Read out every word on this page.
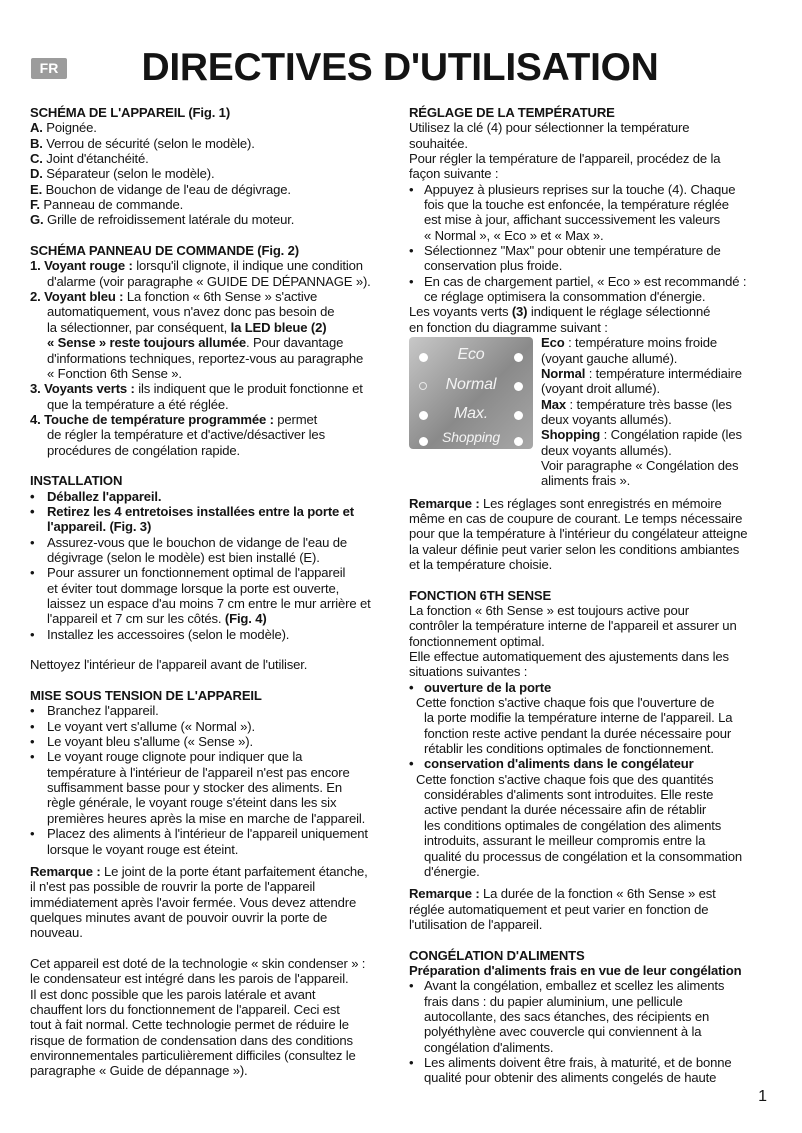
FR	DIRECTIVES D'UTILISATION

SCHÉMA DE L'APPAREIL (Fig. 1)

A. Poignée.

B. Verrou de sécurité (selon le modèle).

C. Joint d'étanchéité.

D. Séparateur (selon le modèle).

E. Bouchon de vidange de l'eau de dégivrage.

F. Panneau de commande.

G. Grille de refroidissement latérale du moteur.

SCHÉMA PANNEAU DE COMMANDE (Fig. 2)

1. Voyant rouge : lorsqu'il clignote, il indique une condition

d'alarme (voir paragraphe « GUIDE DE DÉPANNAGE »).

2. Voyant bleu : La fonction « 6th Sense » s'active

automatiquement, vous n'avez donc pas besoin de

la sélectionner, par conséquent, la LED bleue (2)

« Sense » reste toujours allumée. Pour davantage

d'informations techniques, reportez-vous au paragraphe

« Fonction 6th Sense ».

3. Voyants verts : ils indiquent que le produit fonctionne et

que la température a été réglée.

4. Touche de température programmée : permet

de régler la température et d'active/désactiver les

procédures de congélation rapide.

INSTALLATION

• Déballez l'appareil.

• Retirez les 4 entretoises installées entre la porte et

l'appareil. (Fig. 3)

• Assurez-vous que le bouchon de vidange de l'eau de

dégivrage (selon le modèle) est bien installé (E).

• Pour assurer un fonctionnement optimal de l'appareil

et éviter tout dommage lorsque la porte est ouverte,

laissez un espace d'au moins 7 cm entre le mur arrière et

l'appareil et 7 cm sur les côtés. (Fig. 4)

• Installez les accessoires (selon le modèle).

Nettoyez l'intérieur de l'appareil avant de l'utiliser.

MISE SOUS TENSION DE L'APPAREIL

• Branchez l'appareil.

• Le voyant vert s'allume (« Normal »).

• Le voyant bleu s'allume (« Sense »).

• Le voyant rouge clignote pour indiquer que la

température à l'intérieur de l'appareil n'est pas encore

suffisamment basse pour y stocker des aliments. En

règle générale, le voyant rouge s'éteint dans les six

premières heures après la mise en marche de l'appareil.

• Placez des aliments à l'intérieur de l'appareil uniquement

lorsque le voyant rouge est éteint.

Remarque : Le joint de la porte étant parfaitement étanche,

il n'est pas possible de rouvrir la porte de l'appareil

immédiatement après l'avoir fermée. Vous devez attendre

quelques minutes avant de pouvoir ouvrir la porte de

nouveau.

Cet appareil est doté de la technologie « skin condenser » :

le condensateur est intégré dans les parois de l'appareil.

Il est donc possible que les parois latérale et avant

chauffent lors du fonctionnement de l'appareil. Ceci est

tout à fait normal. Cette technologie permet de réduire le

risque de formation de condensation dans des conditions

environnementales particulièrement difficiles (consultez le

paragraphe « Guide de dépannage »).

RÉGLAGE DE LA TEMPÉRATURE

Utilisez la clé (4) pour sélectionner la température

souhaitée.

Pour régler la température de l'appareil, procédez de la

façon suivante :

• Appuyez à plusieurs reprises sur la touche (4). Chaque

fois que la touche est enfoncée, la température réglée

est mise à jour, affichant successivement les valeurs

« Normal », « Eco » et « Max ».

• Sélectionnez "Max" pour obtenir une température de

conservation plus froide.

• En cas de chargement partiel, « Eco » est recommandé :

ce réglage optimisera la consommation d'énergie.

Les voyants verts (3) indiquent le réglage sélectionné

en fonction du diagramme suivant :

Eco
Normal
Max.
Shopping

Eco : température moins froide

(voyant gauche allumé).

Normal : température intermédiaire

(voyant droit allumé).

Max : température très basse (les

deux voyants allumés).

Shopping : Congélation rapide (les

deux voyants allumés).

Voir paragraphe « Congélation des

aliments frais ».

Remarque : Les réglages sont enregistrés en mémoire

même en cas de coupure de courant. Le temps nécessaire

pour que la température à l'intérieur du congélateur atteigne

la valeur définie peut varier selon les conditions ambiantes

et la température choisie.

FONCTION 6TH SENSE

La fonction « 6th Sense » est toujours active pour

contrôler la température interne de l'appareil et assurer un

fonctionnement optimal.

Elle effectue automatiquement des ajustements dans les

situations suivantes :

• ouverture de la porte

Cette fonction s'active chaque fois que l'ouverture de

la porte modifie la température interne de l'appareil. La

fonction reste active pendant la durée nécessaire pour

rétablir les conditions optimales de fonctionnement.

• conservation d'aliments dans le congélateur

Cette fonction s'active chaque fois que des quantités

considérables d'aliments sont introduites. Elle reste

active pendant la durée nécessaire afin de rétablir

les conditions optimales de congélation des aliments

introduits, assurant le meilleur compromis entre la

qualité du processus de congélation et la consommation

d'énergie.

Remarque : La durée de la fonction « 6th Sense » est

réglée automatiquement et peut varier en fonction de

l'utilisation de l'appareil.

CONGÉLATION D'ALIMENTS

Préparation d'aliments frais en vue de leur congélation

• Avant la congélation, emballez et scellez les aliments

frais dans : du papier aluminium, une pellicule

autocollante, des sacs étanches, des récipients en

polyéthylène avec couvercle qui conviennent à la

congélation d'aliments.

• Les aliments doivent être frais, à maturité, et de bonne

qualité pour obtenir des aliments congelés de haute

1
